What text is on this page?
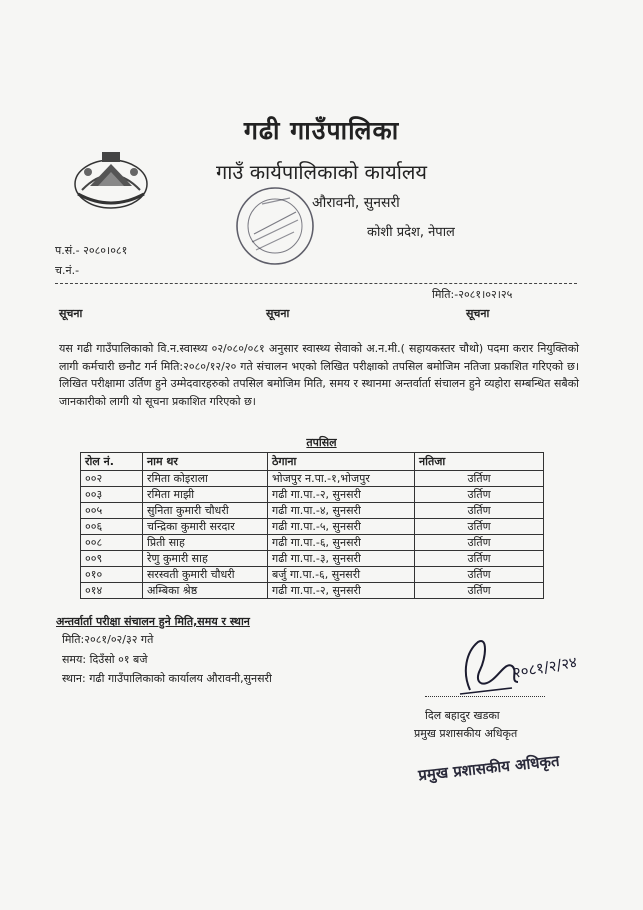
गढी गाउँपालिका
गाउँ कार्यपालिकाको कार्यालय
औरावनी, सुनसरी
कोशी प्रदेश, नेपाल
प.सं.- २०८०।०८१
च.नं.-
मिति:-२०८१।०२।२५
सूचना	सूचना	सूचना

यस गढी गाउँपालिकाको वि.न.स्वास्थ्य ०२/०८०/०८१ अनुसार स्वास्थ्य सेवाको अ.न.मी.( सहायकस्तर चौथो) पदमा करार नियुक्तिको लागी कर्मचारी छनौट गर्न मिति:२०८०/१२/२० गते संचालन भएको लिखित परीक्षाको तपसिल बमोजिम नतिजा प्रकाशित गरिएको छ। लिखित परीक्षामा उर्तिण हुने उम्मेदवारहरुको तपसिल बमोजिम मिति, समय र स्थानमा अन्तर्वार्ता संचालन हुने व्यहोरा सम्बन्धित सबैको जानकारीको लागी यो सूचना प्रकाशित गरिएको छ।

तपसिल
रोल नं.	नाम थर	ठेगाना	नतिजा
००२	रमिता कोइराला	भोजपुर न.पा.-१,भोजपुर	उर्तिण
००३	रमिता माझी	गढी गा.पा.-२, सुनसरी	उर्तिण
००५	सुनिता कुमारी चौधरी	गढी गा.पा.-४, सुनसरी	उर्तिण
००६	चन्द्रिका कुमारी सरदार	गढी गा.पा.-५, सुनसरी	उर्तिण
००८	प्रिती साह	गढी गा.पा.-६, सुनसरी	उर्तिण
००९	रेणु कुमारी साह	गढी गा.पा.-३, सुनसरी	उर्तिण
०१०	सरस्वती कुमारी चौधरी	बर्जु गा.पा.-६, सुनसरी	उर्तिण
०१४	अम्बिका श्रेष्ठ	गढी गा.पा.-२, सुनसरी	उर्तिण
अन्तर्वार्ता परीक्षा संचालन हुने मिति,समय र स्थान
मिति:२०८१/०२/३२ गते
समय: दिउँसो ०१ बजे
स्थान: गढी गाउँपालिकाको कार्यालय औरावनी,सुनसरी	२०८१/२/२४
दिल बहादुर खडका
प्रमुख प्रशासकीय अधिकृत
प्रमुख प्रशासकीय अधिकृत
